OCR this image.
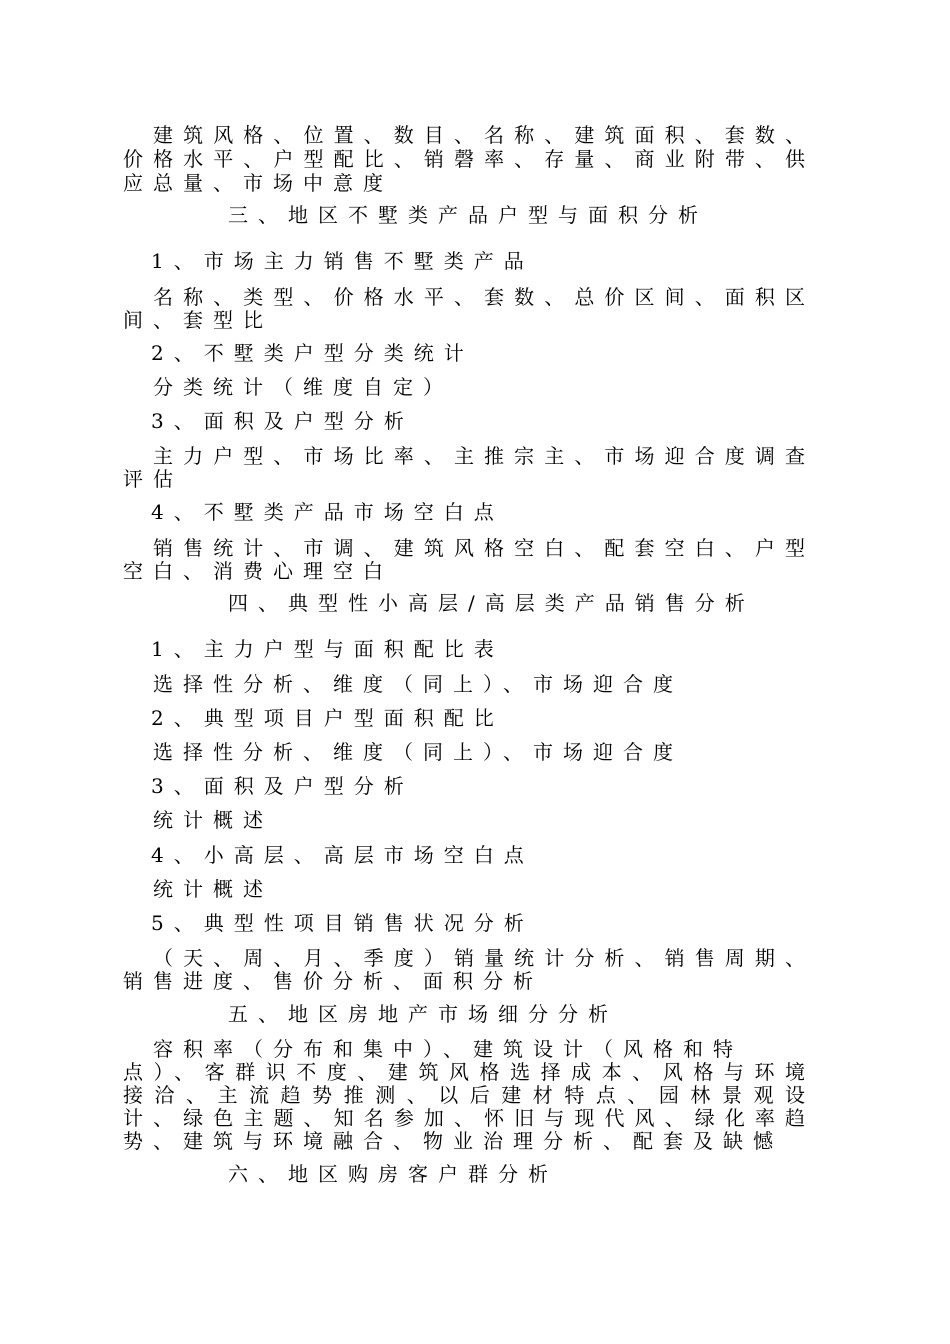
建筑风格、位置、数目、名称、建筑面积、套数、
价格水平、户型配比、销磬率、存量、商业附带、供
应总量、市场中意度
三、地区不墅类产品户型与面积分析
1、市场主力销售不墅类产品
名称、类型、价格水平、套数、总价区间、面积区
间、套型比
2、不墅类户型分类统计
分类统计（维度自定）
3、面积及户型分析
主力户型、市场比率、主推宗主、市场迎合度调查
评估
4、不墅类产品市场空白点
销售统计、市调、建筑风格空白、配套空白、户型
空白、消费心理空白
四、典型性小高层/高层类产品销售分析
1、主力户型与面积配比表
选择性分析、维度（同上）、市场迎合度
2、典型项目户型面积配比
选择性分析、维度（同上）、市场迎合度
3、面积及户型分析
统计概述
4、小高层、高层市场空白点
统计概述
5、典型性项目销售状况分析
（天、周、月、季度）销量统计分析、销售周期、
销售进度、售价分析、面积分析
五、地区房地产市场细分分析
容积率（分布和集中）、建筑设计（风格和特
点）、客群识不度、建筑风格选择成本、风格与环境
接洽、主流趋势推测、以后建材特点、园林景观设
计、绿色主题、知名参加、怀旧与现代风、绿化率趋
势、建筑与环境融合、物业治理分析、配套及缺憾
六、地区购房客户群分析
